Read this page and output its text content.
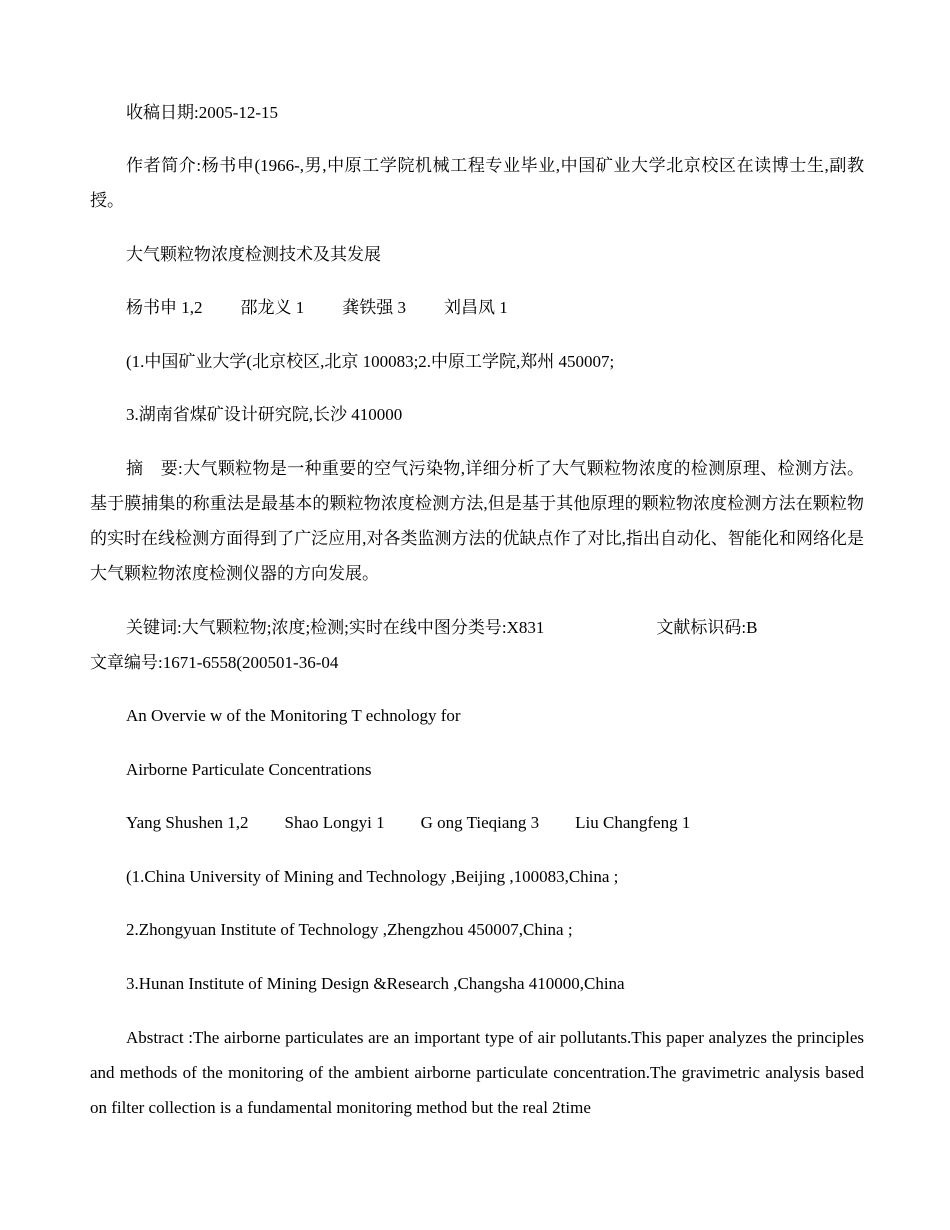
收稿日期:2005-12-15

作者简介:杨书申(1966-,男,中原工学院机械工程专业毕业,中国矿业大学北京校区在读博士生,副教授。

大气颗粒物浓度检测技术及其发展

杨书申 1,2 邵龙义 1 龚铁强 3 刘昌凤 1

(1.中国矿业大学(北京校区,北京 100083;2.中原工学院,郑州 450007;

3.湖南省煤矿设计研究院,长沙 410000

摘　要:大气颗粒物是一种重要的空气污染物,详细分析了大气颗粒物浓度的检测原理、检测方法。基于膜捕集的称重法是最基本的颗粒物浓度检测方法,但是基于其他原理的颗粒物浓度检测方法在颗粒物的实时在线检测方面得到了广泛应用,对各类监测方法的优缺点作了对比,指出自动化、智能化和网络化是大气颗粒物浓度检测仪器的方向发展。

关键词:大气颗粒物;浓度;检测;实时在线中图分类号:X831	文献标识码:B

文章编号:1671-6558(200501-36-04

An Overvie w of the Monitoring T echnology for

Airborne Particulate Concentrations

Yang Shushen 1,2 Shao Longyi 1 G ong Tieqiang 3 Liu Changfeng 1

(1.China University of Mining and Technology ,Beijing ,100083,China ;

2.Zhongyuan Institute of Technology ,Zhengzhou 450007,China ;

3.Hunan Institute of Mining Design &Research ,Changsha 410000,China

Abstract :The airborne particulates are an important type of air pollutants.This paper analyzes the principles and methods of the monitoring of the ambient airborne particulate concentration.The gravimetric analysis based on filter collection is a fundamental monitoring method but the real 2time
